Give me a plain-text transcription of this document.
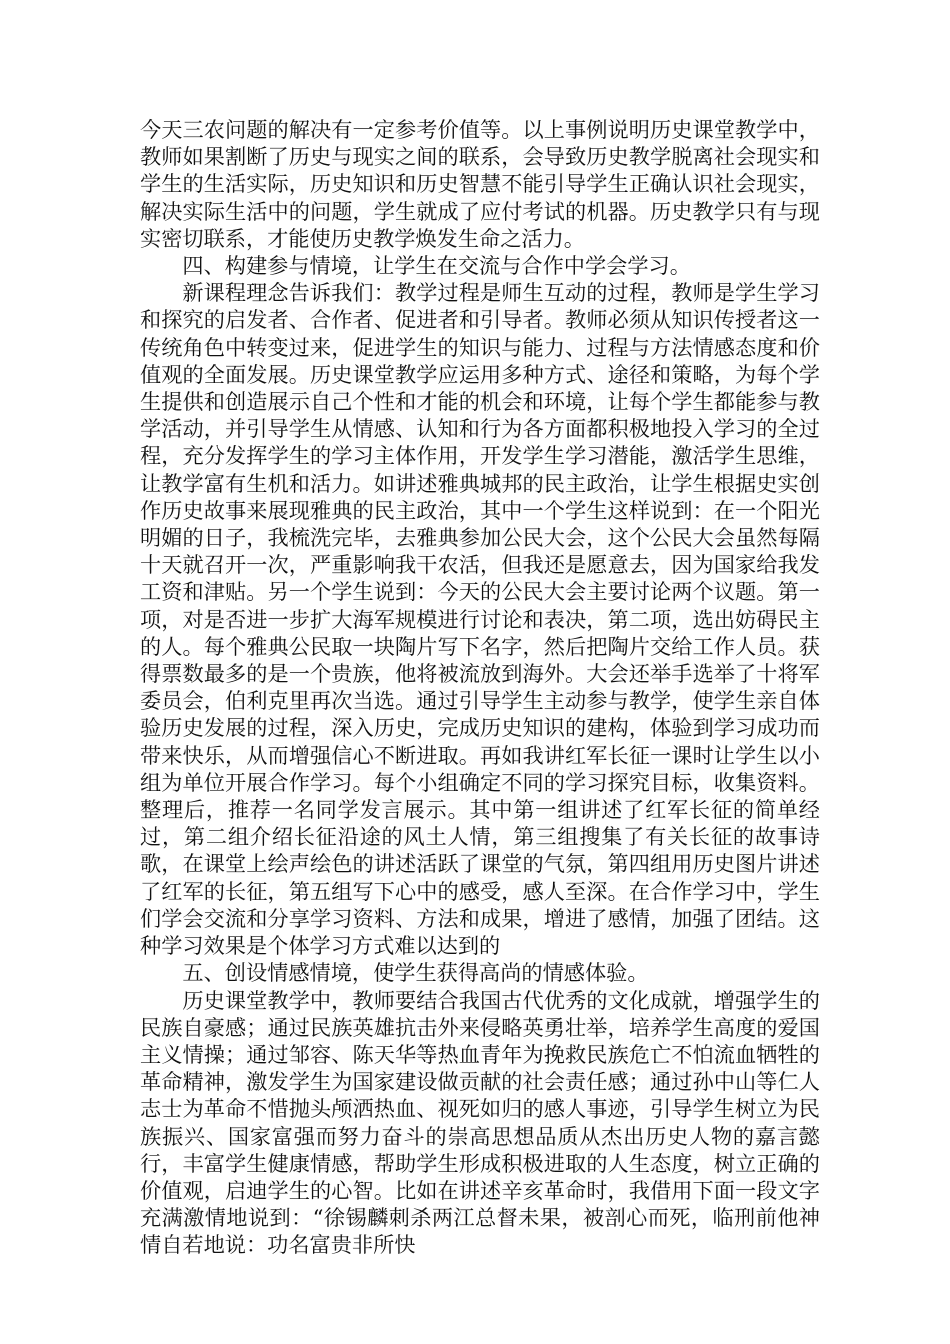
今天三农问题的解决有一定参考价值等。以上事例说明历史课堂教学中，教师如果割断了历史与现实之间的联系，会导致历史教学脱离社会现实和学生的生活实际，历史知识和历史智慧不能引导学生正确认识社会现实，解决实际生活中的问题，学生就成了应付考试的机器。历史教学只有与现实密切联系，才能使历史教学焕发生命之活力。

四、构建参与情境，让学生在交流与合作中学会学习。

新课程理念告诉我们：教学过程是师生互动的过程，教师是学生学习和探究的启发者、合作者、促进者和引导者。教师必须从知识传授者这一传统角色中转变过来，促进学生的知识与能力、过程与方法情感态度和价值观的全面发展。历史课堂教学应运用多种方式、途径和策略，为每个学生提供和创造展示自己个性和才能的机会和环境，让每个学生都能参与教学活动，并引导学生从情感、认知和行为各方面都积极地投入学习的全过程，充分发挥学生的学习主体作用，开发学生学习潜能，激活学生思维，让教学富有生机和活力。如讲述雅典城邦的民主政治，让学生根据史实创作历史故事来展现雅典的民主政治，其中一个学生这样说到：在一个阳光明媚的日子，我梳洗完毕，去雅典参加公民大会，这个公民大会虽然每隔十天就召开一次，严重影响我干农活，但我还是愿意去，因为国家给我发工资和津贴。另一个学生说到：今天的公民大会主要讨论两个议题。第一项，对是否进一步扩大海军规模进行讨论和表决，第二项，选出妨碍民主的人。每个雅典公民取一块陶片写下名字，然后把陶片交给工作人员。获得票数最多的是一个贵族，他将被流放到海外。大会还举手选举了十将军委员会，伯利克里再次当选。通过引导学生主动参与教学，使学生亲自体验历史发展的过程，深入历史，完成历史知识的建构，体验到学习成功而带来快乐，从而增强信心不断进取。再如我讲红军长征一课时让学生以小组为单位开展合作学习。每个小组确定不同的学习探究目标，收集资料。整理后，推荐一名同学发言展示。其中第一组讲述了红军长征的简单经过，第二组介绍长征沿途的风土人情，第三组搜集了有关长征的故事诗歌，在课堂上绘声绘色的讲述活跃了课堂的气氛，第四组用历史图片讲述了红军的长征，第五组写下心中的感受，感人至深。在合作学习中，学生们学会交流和分享学习资料、方法和成果，增进了感情，加强了团结。这种学习效果是个体学习方式难以达到的

五、创设情感情境，使学生获得高尚的情感体验。

历史课堂教学中，教师要结合我国古代优秀的文化成就，增强学生的民族自豪感；通过民族英雄抗击外来侵略英勇壮举，培养学生高度的爱国主义情操；通过邹容、陈天华等热血青年为挽救民族危亡不怕流血牺牲的革命精神，激发学生为国家建设做贡献的社会责任感；通过孙中山等仁人志士为革命不惜抛头颅洒热血、视死如归的感人事迹，引导学生树立为民族振兴、国家富强而努力奋斗的崇高思想品质从杰出历史人物的嘉言懿行，丰富学生健康情感，帮助学生形成积极进取的人生态度，树立正确的价值观，启迪学生的心智。比如在讲述辛亥革命时，我借用下面一段文字充满激情地说到：“徐锡麟刺杀两江总督未果，被剖心而死，临刑前他神情自若地说：功名富贵非所快
